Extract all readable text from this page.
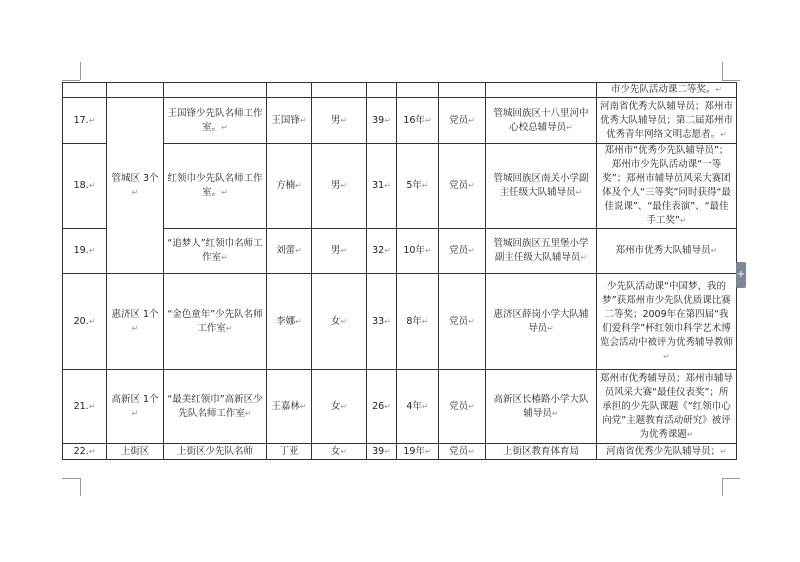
									市少先队活动课二等奖。↵
17.↵	管城区 3个↵	王国锋少先队名师工作室。↵	王国锋↵	男↵	39↵	16年↵	党员↵	管城回族区十八里河中心校总辅导员↵	河南省优秀大队辅导员；郑州市优秀大队辅导员；第二届郑州市优秀青年网络文明志愿者。↵
18.↵		红领巾少先队名师工作室。↵	方楠↵	男↵	31↵	5年↵	党员↵	管城回族区南关小学副主任级大队辅导员↵	郑州市“优秀少先队辅导员”；郑州市少先队活动课“一等奖”；郑州市辅导员风采大赛团体及个人“三等奖”同时获得“最佳说课”、“最佳表演”、“最佳手工奖”↵
19.↵		“追梦人”红领巾名师工作室↵	刘蕾↵	男↵	32↵	10年↵	党员↵	管城回族区五里堡小学副主任级大队辅导员↵	郑州市优秀大队辅导员↵
20.↵	惠济区 1个↵	“金色童年”少先队名师工作室↵	李娜↵	女↵	33↵	8年↵	党员↵	惠济区薛岗小学大队辅导员↵	少先队活动课“中国梦、我的梦”获郑州市少先队优质课比赛二等奖；2009年在第四届“我们爱科学”杯红领巾科学艺术博览会活动中被评为优秀辅导教师↵
21.↵	高新区 1个↵	“最美红领巾”高新区少先队名师工作室↵	王嘉林↵	女↵	26↵	4年↵	党员↵	高新区长椿路小学大队辅导员↵	郑州市优秀辅导员；郑州市辅导员风采大赛“最佳仪表奖”；所承担的少先队课题《“红领巾心向党”主题教育活动研究》被评为优秀课题↵
22.↵	上街区	上街区少先队名师	丁亚	女↵	39↵	19年↵	党员↵	上街区教育体育局	河南省优秀少先队辅导员；↵
+
